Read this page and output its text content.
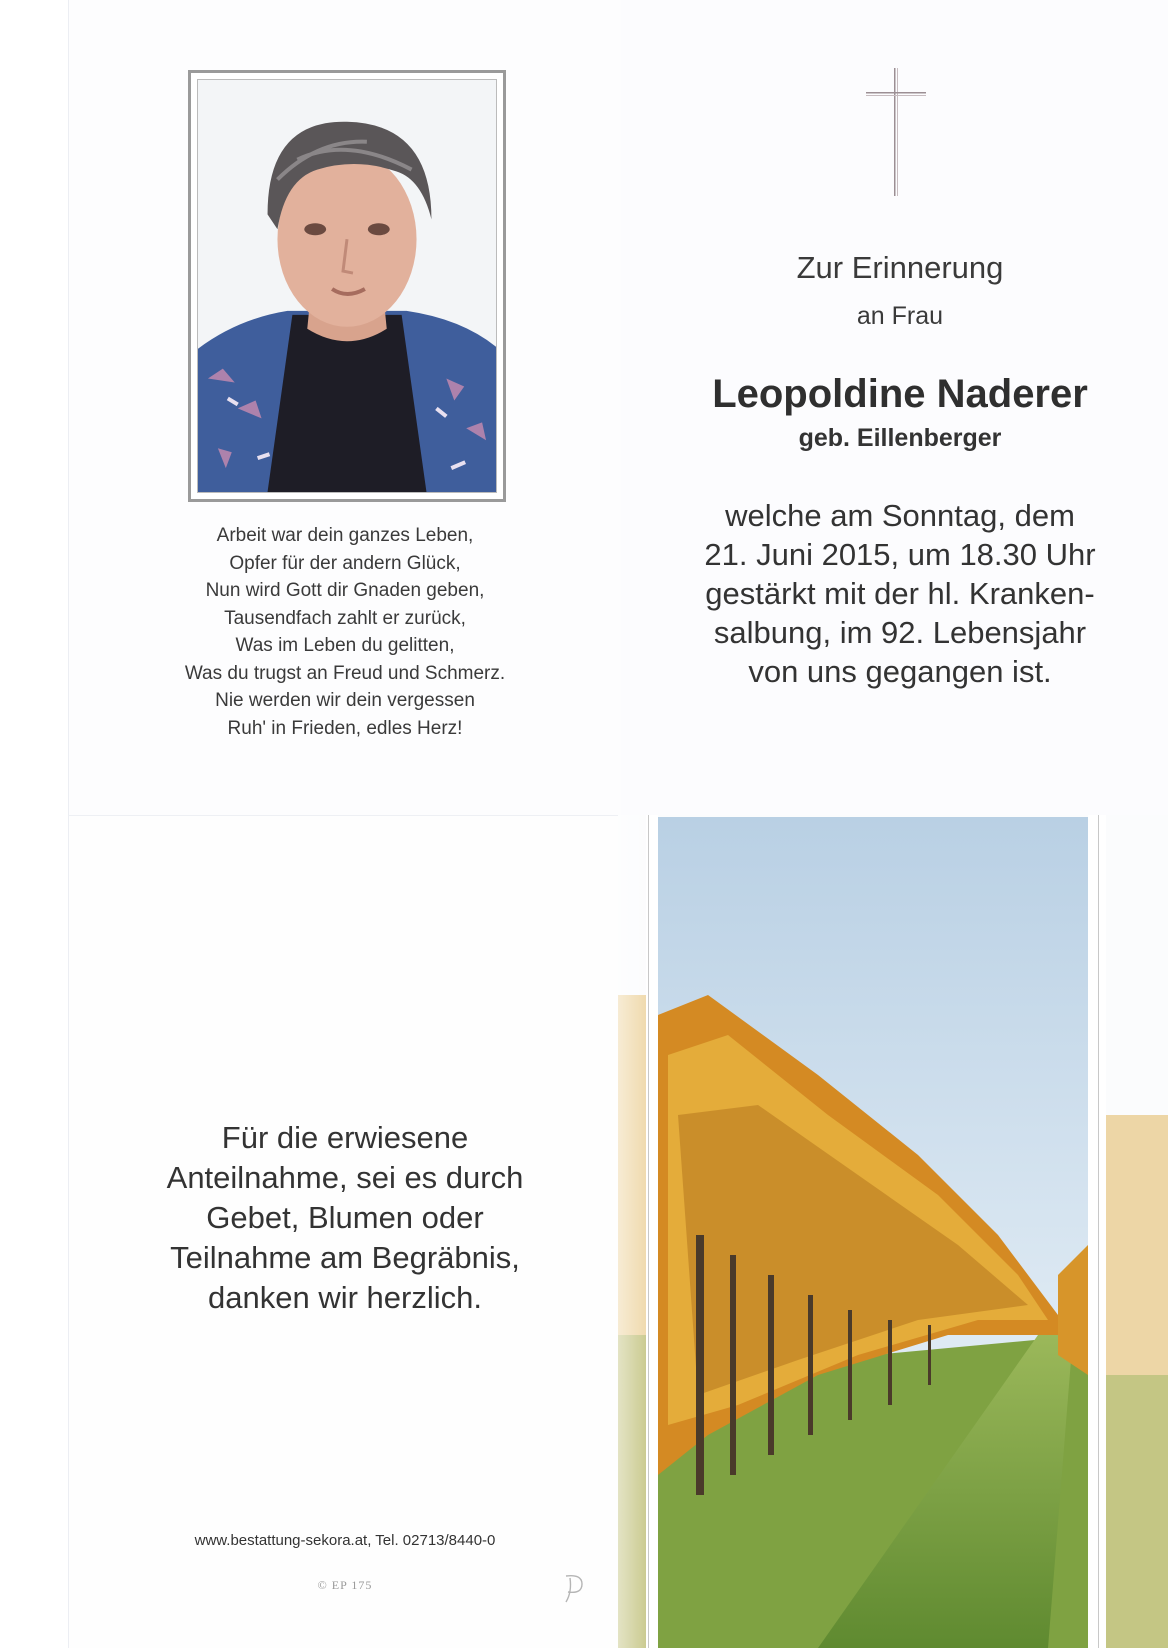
Arbeit war dein ganzes Leben,
Opfer für der andern Glück,
Nun wird Gott dir Gnaden geben,
Tausendfach zahlt er zurück,
Was im Leben du gelitten,
Was du trugst an Freud und Schmerz.
Nie werden wir dein vergessen
Ruh' in Frieden, edles Herz!
Zur Erinnerung
an Frau
Leopoldine Naderer
geb. Eillenberger
welche am Sonntag, dem
21. Juni 2015, um 18.30 Uhr
gestärkt mit der hl. Kranken-
salbung, im 92. Lebensjahr
von uns gegangen ist.
Für die erwiesene
Anteilnahme, sei es durch
Gebet, Blumen oder
Teilnahme am Begräbnis,
danken wir herzlich.
www.bestattung-sekora.at, Tel. 02713/8440-0
© EP 175
